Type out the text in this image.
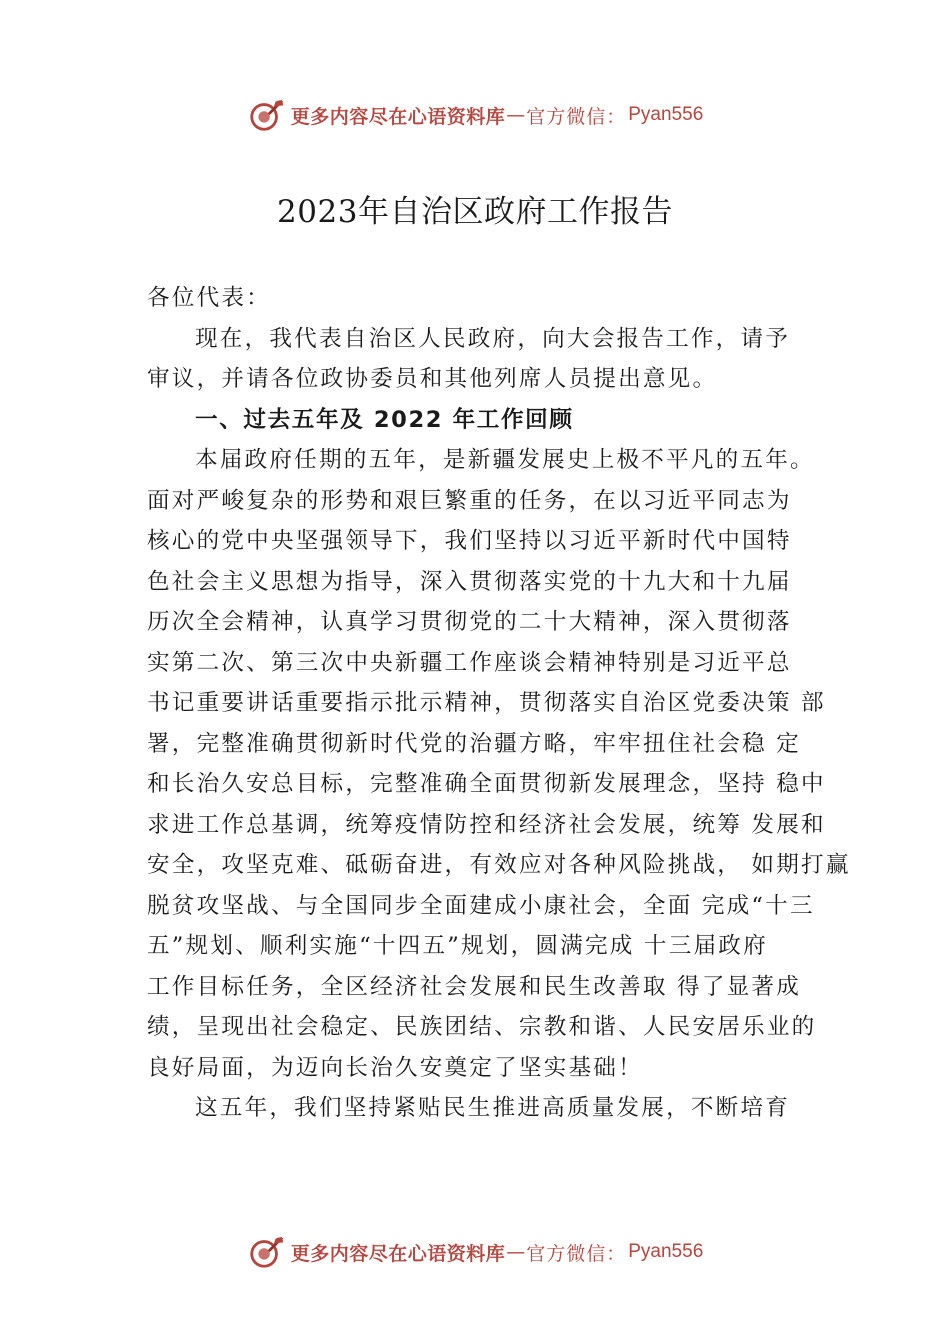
更多内容尽在心语资料库 — 官方微信： Pyan556
2023年自治区政府工作报告
各位代表：
现在，我代表自治区人民政府，向大会报告工作，请予
审议，并请各位政协委员和其他列席人员提出意见。
一、过去五年及 2022 年工作回顾
本届政府任期的五年，是新疆发展史上极不平凡的五年。
面对严峻复杂的形势和艰巨繁重的任务，在以习近平同志为
核心的党中央坚强领导下，我们坚持以习近平新时代中国特
色社会主义思想为指导，深入贯彻落实党的十九大和十九届
历次全会精神，认真学习贯彻党的二十大精神，深入贯彻落
实第二次、第三次中央新疆工作座谈会精神特别是习近平总
书记重要讲话重要指示批示精神，贯彻落实自治区党委决策 部
署，完整准确贯彻新时代党的治疆方略，牢牢扭住社会稳 定
和长治久安总目标，完整准确全面贯彻新发展理念，坚持 稳中
求进工作总基调，统筹疫情防控和经济社会发展，统筹 发展和
安全，攻坚克难、砥砺奋进，有效应对各种风险挑战， 如期打赢
脱贫攻坚战、与全国同步全面建成小康社会，全面 完成“十三
五”规划、顺利实施“十四五”规划，圆满完成 十三届政府
工作目标任务，全区经济社会发展和民生改善取 得了显著成
绩，呈现出社会稳定、民族团结、宗教和谐、人民安居乐业的
良好局面，为迈向长治久安奠定了坚实基础！
这五年，我们坚持紧贴民生推进高质量发展，不断培育
更多内容尽在心语资料库 — 官方微信： Pyan556
